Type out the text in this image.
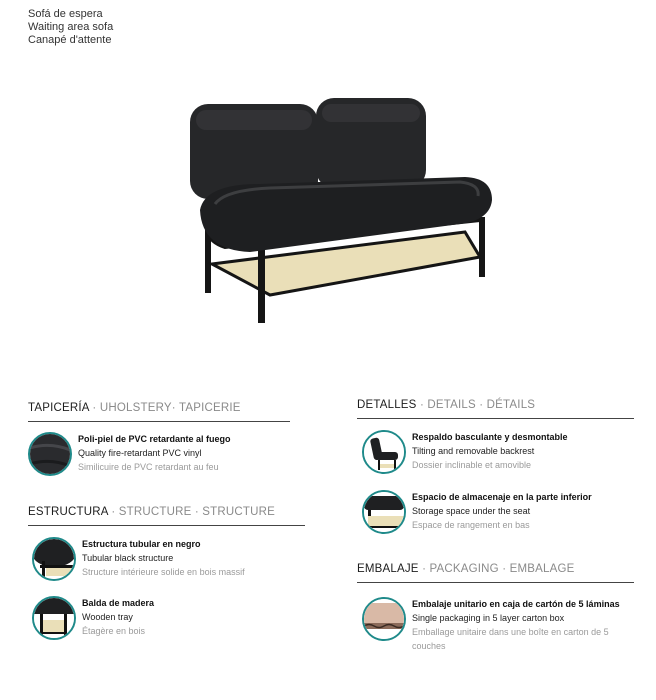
Sofá de espera
Waiting area sofa
Canapé d'attente
TAPICERÍA · UHOLSTERY· TAPICERIE
Poli-piel de PVC retardante al fuego
Quality fire-retardant PVC vinyl
Similicuire de PVC retardant au feu
ESTRUCTURA · STRUCTURE · STRUCTURE
Estructura tubular en negro
Tubular black structure
Structure intérieure solide en bois massif
Balda de madera
Wooden tray
Étagère en bois
DETALLES · DETAILS · DÉTAILS
Respaldo basculante y desmontable
Tilting and removable backrest
Dossier inclinable et amovible
Espacio de almacenaje en la parte inferior
Storage space under the seat
Espace de rangement en bas
EMBALAJE · PACKAGING · EMBALAGE
Embalaje unitario en caja de cartón de 5 láminas
Single packaging in 5 layer carton box
Emballage unitaire dans une boîte en carton de 5 couches
